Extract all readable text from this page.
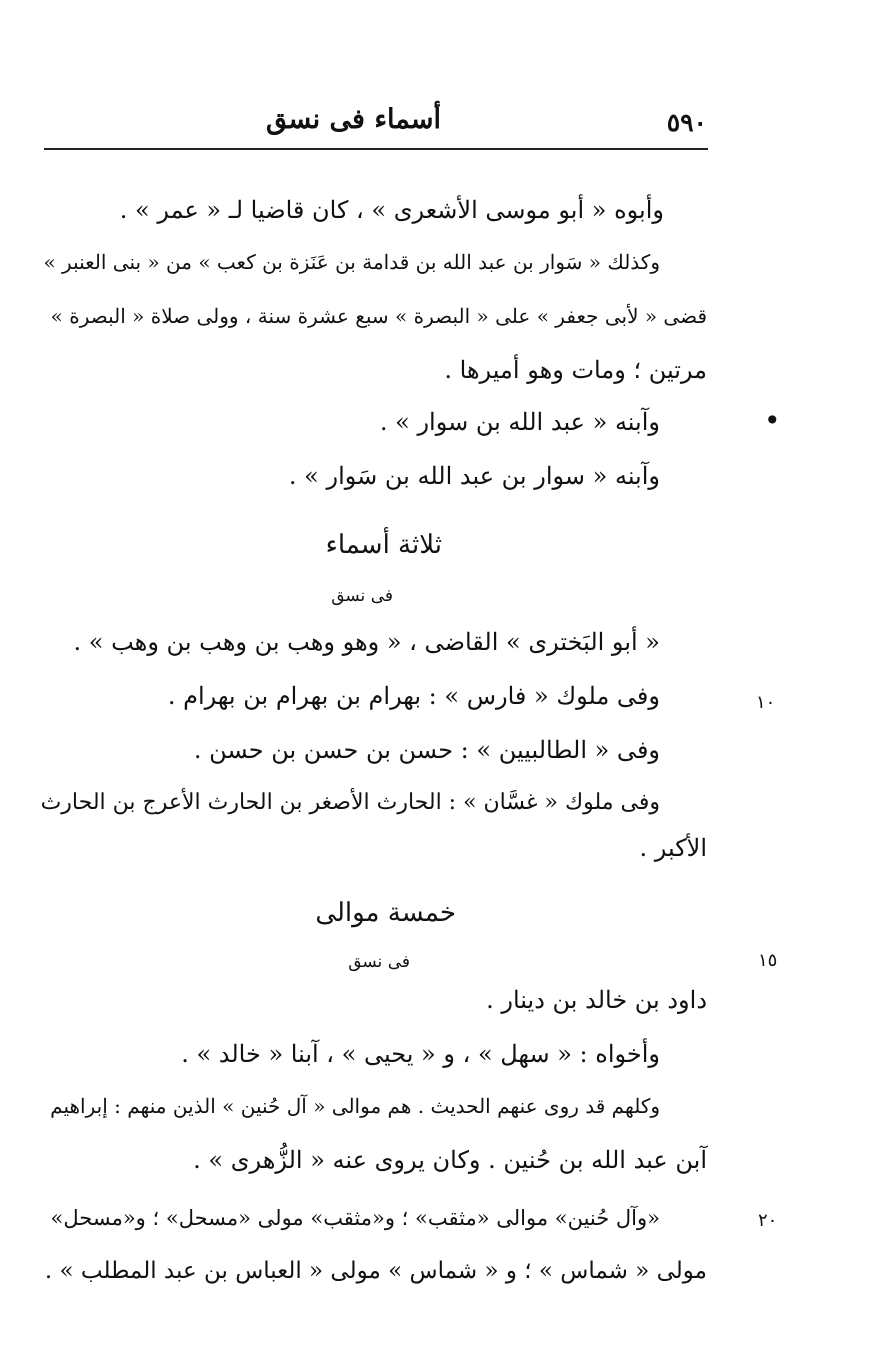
٥٩٠
أسماء فى نسق
•
١٠
١٥
٢٠
وأبوه « أبو موسى الأشعرى » ، كان قاضيا لـ « عمر » .
وكذلك « سَوار بن عبد الله بن قدامة بن عَنَزة بن كعب » من « بنى العنبر »
قضى « لأبى جعفر » على « البصرة » سبع عشرة سنة ، وولى صلاة « البصرة »
مرتين ؛ ومات وهو أميرها .
وآبنه « عبد الله بن سوار » .
وآبنه « سوار بن عبد الله بن سَوار » .
ثلاثة أسماء
فى نسق
« أبو البَخترى » القاضى ، « وهو وهب بن وهب بن وهب » .
وفى ملوك « فارس » : بهرام بن بهرام بن بهرام .
وفى « الطالبيين » : حسن بن حسن بن حسن .
وفى ملوك « غسَّان » : الحارث الأصغر بن الحارث الأعرج بن الحارث
الأكبر .
خمسة موالى
فى نسق
داود بن خالد بن دينار .
وأخواه : « سهل » ، و « يحيى » ، آبنا « خالد » .
وكلهم قد روى عنهم الحديث . هم موالى « آل حُنين » الذين منهم : إبراهيم
آبن عبد الله بن حُنين . وكان يروى عنه « الزُّهرى » .
«وآل حُنين» موالى «مثقب» ؛ و«مثقب» مولى «مسحل» ؛ و«مسحل»
مولى « شماس » ؛ و « شماس » مولى « العباس بن عبد المطلب » .
